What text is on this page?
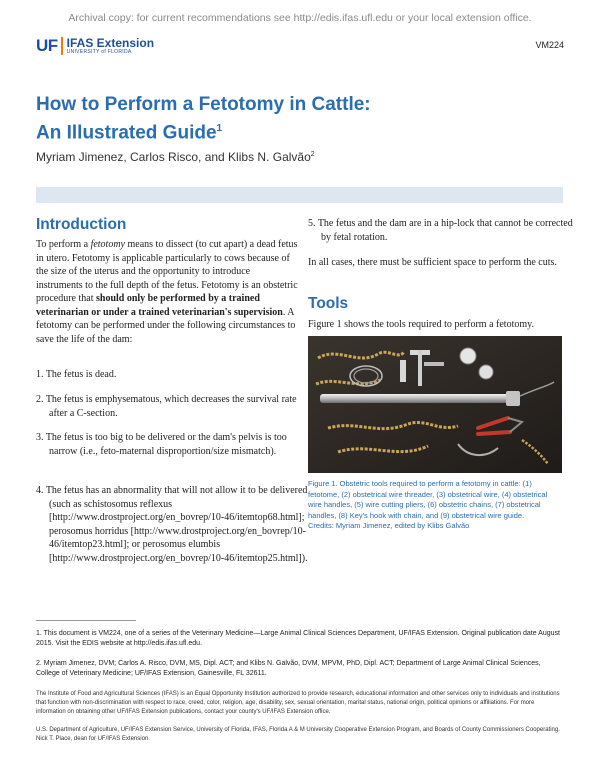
Archival copy: for current recommendations see http://edis.ifas.ufl.edu or your local extension office.
UF IFAS Extension
UNIVERSITY of FLORIDA
VM224
How to Perform a Fetotomy in Cattle:
An Illustrated Guide$^1$
Myriam Jimenez, Carlos Risco, and Klibs N. Galvão$^2$
Introduction
To perform a fetotomy means to dissect (to cut apart) a dead fetus in utero. Fetotomy is applicable particularly to cows because of the size of the uterus and the opportunity to introduce instruments to the full depth of the fetus. Fetotomy is an obstetric procedure that should only be performed by a trained veterinarian or under a trained veterinarian's supervision. A fetotomy can be performed under the following circumstances to save the life of the dam:
1. The fetus is dead.
2. The fetus is emphysematous, which decreases the survival rate after a C-section.
3. The fetus is too big to be delivered or the dam's pelvis is too narrow (i.e., feto-maternal disproportion/size mismatch).
4. The fetus has an abnormality that will not allow it to be delivered (such as schistosomus reflexus [http://www.drostproject.org/en_bovrep/10-46/itemtop68.html]; perosomus horridus [http://www.drostproject.org/en_bovrep/10-46/itemtop23.html]; or perosomus elumbis [http://www.drostproject.org/en_bovrep/10-46/itemtop25.html]).
5. The fetus and the dam are in a hip-lock that cannot be corrected by fetal rotation.
In all cases, there must be sufficient space to perform the cuts.
Tools
Figure 1 shows the tools required to perform a fetotomy.
Figure 1. Obstetric tools required to perform a fetotomy in cattle: (1) fetotome, (2) obstetrical wire threader, (3) obstetrical wire, (4) obstetrical wire handles, (5) wire cutting pliers, (6) obstetric chains, (7) obstetrical handles, (8) Key's hook with chain, and (9) obstetrical wire guide.
Credits: Myriam Jimenez, edited by Klibs Galvão
1. This document is VM224, one of a series of the Veterinary Medicine—Large Animal Clinical Sciences Department, UF/IFAS Extension. Original publication date August 2015. Visit the EDIS website at http://edis.ifas.ufl.edu.
2. Myriam Jimenez, DVM; Carlos A. Risco, DVM, MS, Dipl. ACT; and Klibs N. Galvão, DVM, MPVM, PhD, Dipl. ACT; Department of Large Animal Clinical Sciences, College of Veterinary Medicine; UF/IFAS Extension, Gainesville, FL 32611.
The Institute of Food and Agricultural Sciences (IFAS) is an Equal Opportunity Institution authorized to provide research, educational information and other services only to individuals and institutions that function with non-discrimination with respect to race, creed, color, religion, age, disability, sex, sexual orientation, marital status, national origin, political opinions or affiliations. For more information on obtaining other UF/IFAS Extension publications, contact your county's UF/IFAS Extension office.
U.S. Department of Agriculture, UF/IFAS Extension Service, University of Florida, IFAS, Florida A & M University Cooperative Extension Program, and Boards of County Commissioners Cooperating. Nick T. Place, dean for UF/IFAS Extension.
